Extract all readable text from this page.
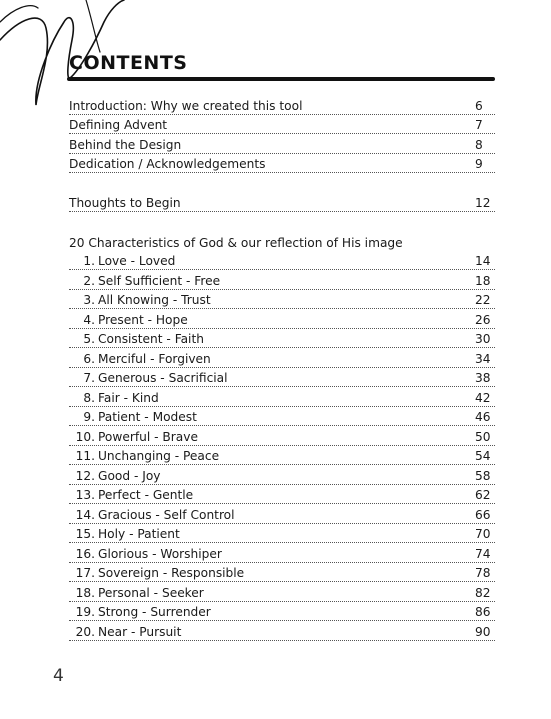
CONTENTS
Introduction: Why we created this tool	6
Defining Advent	7
Behind the Design	8
Dedication / Acknowledgements	9
Thoughts to Begin	12
20 Characteristics of God & our reflection of His image
1. Love - Loved	14
2. Self Sufficient - Free	18
3. All Knowing - Trust	22
4. Present - Hope	26
5. Consistent - Faith	30
6. Merciful - Forgiven	34
7. Generous - Sacrificial	38
8. Fair - Kind	42
9. Patient - Modest	46
10. Powerful - Brave	50
11. Unchanging - Peace	54
12. Good - Joy	58
13. Perfect - Gentle	62
14. Gracious - Self Control	66
15. Holy - Patient	70
16. Glorious - Worshiper	74
17. Sovereign - Responsible	78
18. Personal - Seeker	82
19. Strong - Surrender	86
20. Near - Pursuit	90
4
